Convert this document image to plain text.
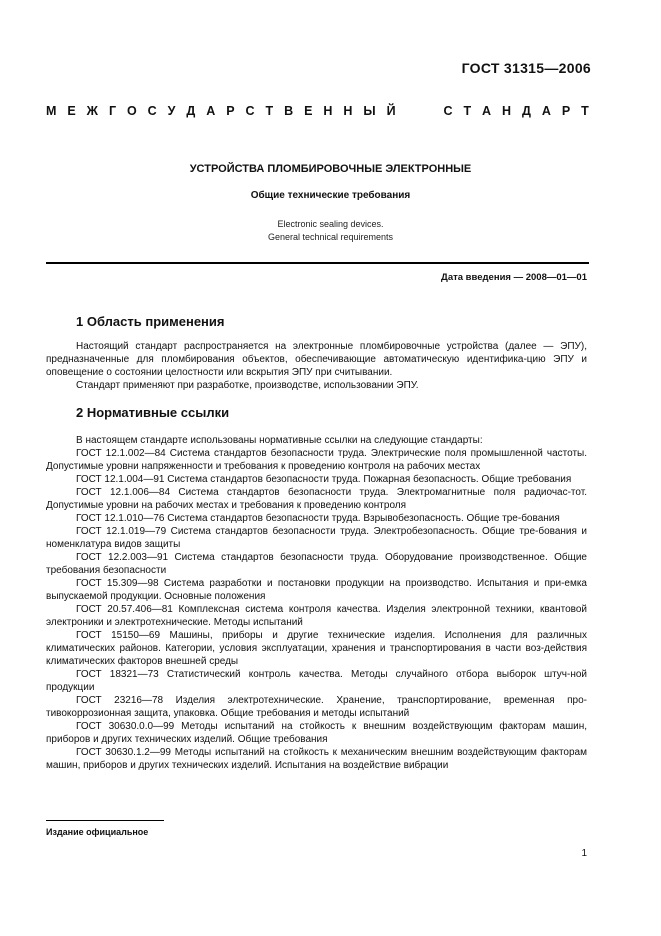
ГОСТ 31315—2006
М Е Ж Г О С У Д А Р С Т В Е Н Н Ы Й	С Т А Н Д А Р Т
УСТРОЙСТВА ПЛОМБИРОВОЧНЫЕ ЭЛЕКТРОННЫЕ
Общие технические требования
Electronic sealing devices.
General technical requirements
Дата введения — 2008—01—01
1 Область применения

Настоящий стандарт распространяется на электронные пломбировочные устройства (далее — ЭПУ), предназначенные для пломбирования объектов, обеспечивающие автоматическую идентифика-цию ЭПУ и оповещение о состоянии целостности или вскрытия ЭПУ при считывании.

Стандарт применяют при разработке, производстве, использовании ЭПУ.

2 Нормативные ссылки

В настоящем стандарте использованы нормативные ссылки на следующие стандарты:

ГОСТ 12.1.002—84 Система стандартов безопасности труда. Электрические поля промышленной частоты. Допустимые уровни напряженности и требования к проведению контроля на рабочих местах

ГОСТ 12.1.004—91 Система стандартов безопасности труда. Пожарная безопасность. Общие требования

ГОСТ 12.1.006—84 Система стандартов безопасности труда. Электромагнитные поля радиочас-тот. Допустимые уровни на рабочих местах и требования к проведению контроля

ГОСТ 12.1.010—76 Система стандартов безопасности труда. Взрывобезопасность. Общие тре-бования

ГОСТ 12.1.019—79 Система стандартов безопасности труда. Электробезопасность. Общие тре-бования и номенклатура видов защиты

ГОСТ 12.2.003—91 Система стандартов безопасности труда. Оборудование производственное. Общие требования безопасности

ГОСТ 15.309—98 Система разработки и постановки продукции на производство. Испытания и при-емка выпускаемой продукции. Основные положения

ГОСТ 20.57.406—81 Комплексная система контроля качества. Изделия электронной техники, квантовой электроники и электротехнические. Методы испытаний

ГОСТ 15150—69 Машины, приборы и другие технические изделия. Исполнения для различных климатических районов. Категории, условия эксплуатации, хранения и транспортирования в части воз-действия климатических факторов внешней среды

ГОСТ 18321—73 Статистический контроль качества. Методы случайного отбора выборок штуч-ной продукции

ГОСТ 23216—78 Изделия электротехнические. Хранение, транспортирование, временная про-тивокоррозионная защита, упаковка. Общие требования и методы испытаний

ГОСТ 30630.0.0—99 Методы испытаний на стойкость к внешним воздействующим факторам машин, приборов и других технических изделий. Общие требования

ГОСТ 30630.1.2—99 Методы испытаний на стойкость к механическим внешним воздействующим факторам машин, приборов и других технических изделий. Испытания на воздействие вибрации

Издание официальное
1
